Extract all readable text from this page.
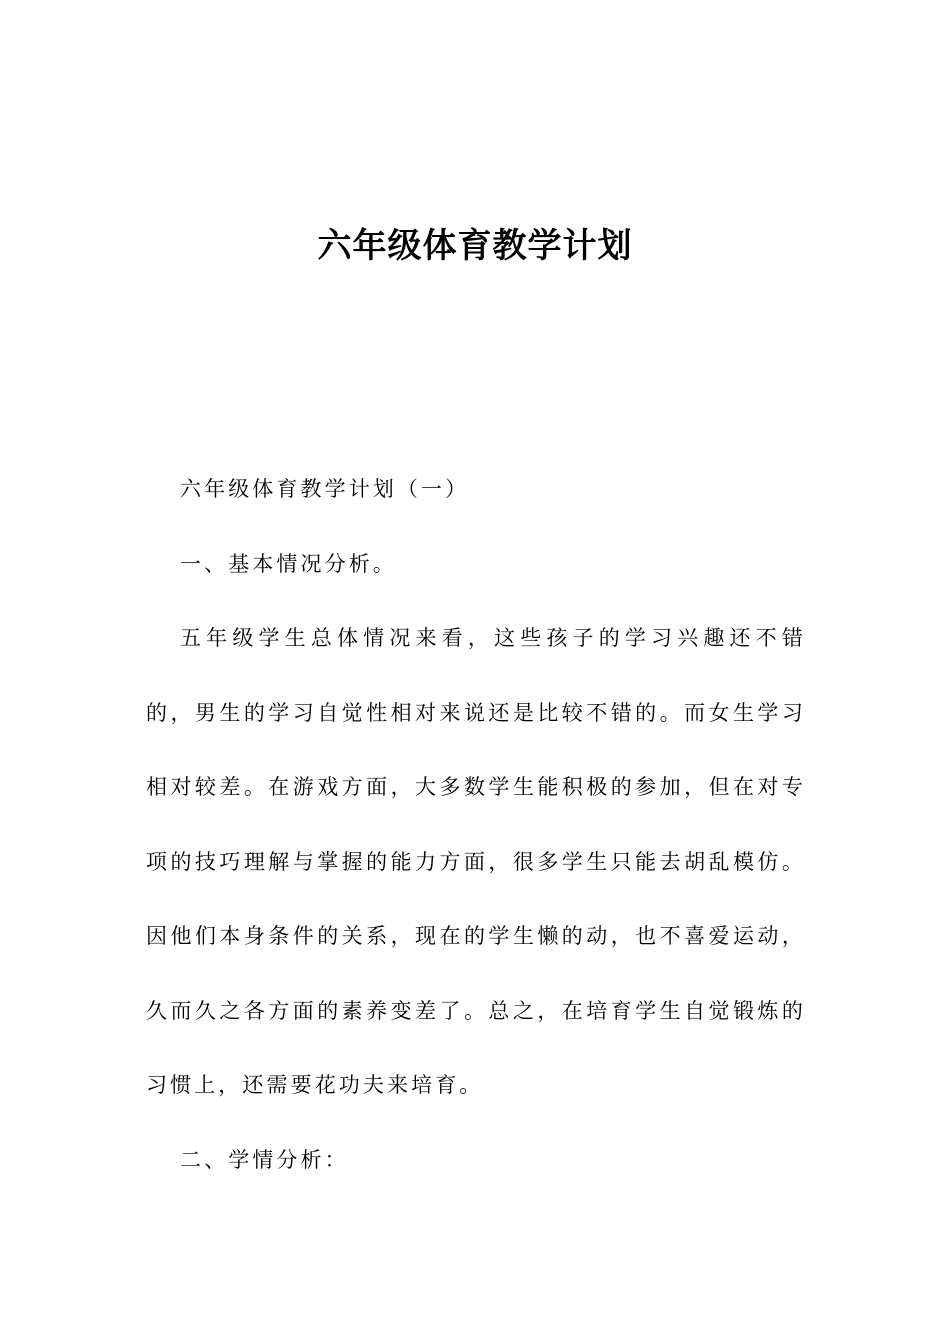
六年级体育教学计划

六年级体育教学计划（一）

一、基本情况分析。

五年级学生总体情况来看，这些孩子的学习兴趣还不错的，男生的学习自觉性相对来说还是比较不错的。而女生学习相对较差。在游戏方面，大多数学生能积极的参加，但在对专项的技巧理解与掌握的能力方面，很多学生只能去胡乱模仿。因他们本身条件的关系，现在的学生懒的动，也不喜爱运动，久而久之各方面的素养变差了。总之，在培育学生自觉锻炼的习惯上，还需要花功夫来培育。

二、学情分析：
